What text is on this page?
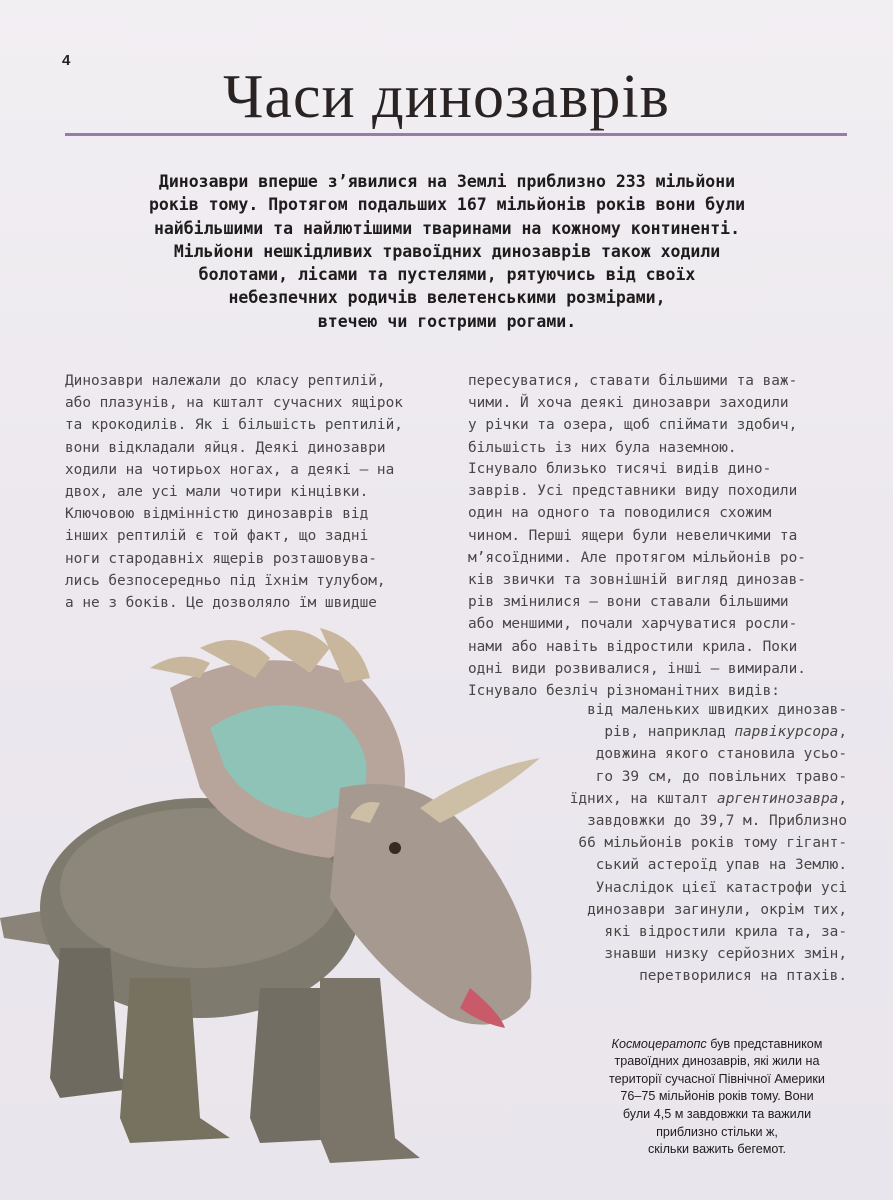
4
Часи динозаврів
Динозаври вперше з’явилися на Землі приблизно 233 мільйони
років тому. Протягом подальших 167 мільйонів років вони були
найбільшими та найлютішими тваринами на кожному континенті.
Мільйони нешкідливих травоїдних динозаврів також ходили
болотами, лісами та пустелями, рятуючись від своїх
небезпечних родичів велетенськими розмірами,
втечею чи гострими рогами.
Динозаври належали до класу рептилій,
або плазунів, на кшталт сучасних ящірок
та крокодилів. Як і більшість рептилій,
вони відкладали яйця. Деякі динозаври
ходили на чотирьох ногах, а деякі — на
двох, але усі мали чотири кінцівки.
Ключовою відмінністю динозаврів від
інших рептилій є той факт, що задні
ноги стародавніх ящерів розташовува-
лись безпосередньо під їхнім тулубом,
а не з боків. Це дозволяло їм швидше
пересуватися, ставати більшими та важ-
чими. Й хоча деякі динозаври заходили
у річки та озера, щоб спіймати здобич,
більшість із них була наземною.
Існувало близько тисячі видів дино-
заврів. Усі представники виду походили
один на одного та поводилися схожим
чином. Перші ящери були невеличкими та
м’ясоїдними. Але протягом мільйонів ро-
ків звички та зовнішній вигляд динозав-
рів змінилися — вони ставали більшими
або меншими, почали харчуватися росли-
нами або навіть відростили крила. Поки
одні види розвивалися, інші — вимирали.
Існувало безліч різноманітних видів:
від маленьких швидких динозав-
рів, наприклад парвікурсора,
довжина якого становила усьо-
го 39 см, до повільних траво-
їдних, на кшталт аргентинозавра,
завдовжки до 39,7 м. Приблизно
66 мільйонів років тому гігант-
ський астероїд упав на Землю.
Унаслідок цієї катастрофи усі
динозаври загинули, окрім тих,
які відростили крила та, за-
знавши низку серйозних змін,
перетворилися на птахів.

Космоцератопс був представником
травоїдних динозаврів, які жили на
території сучасної Північної Америки
76–75 мільйонів років тому. Вони
були 4,5 м завдовжки та важили
приблизно стільки ж,
скільки важить бегемот.
